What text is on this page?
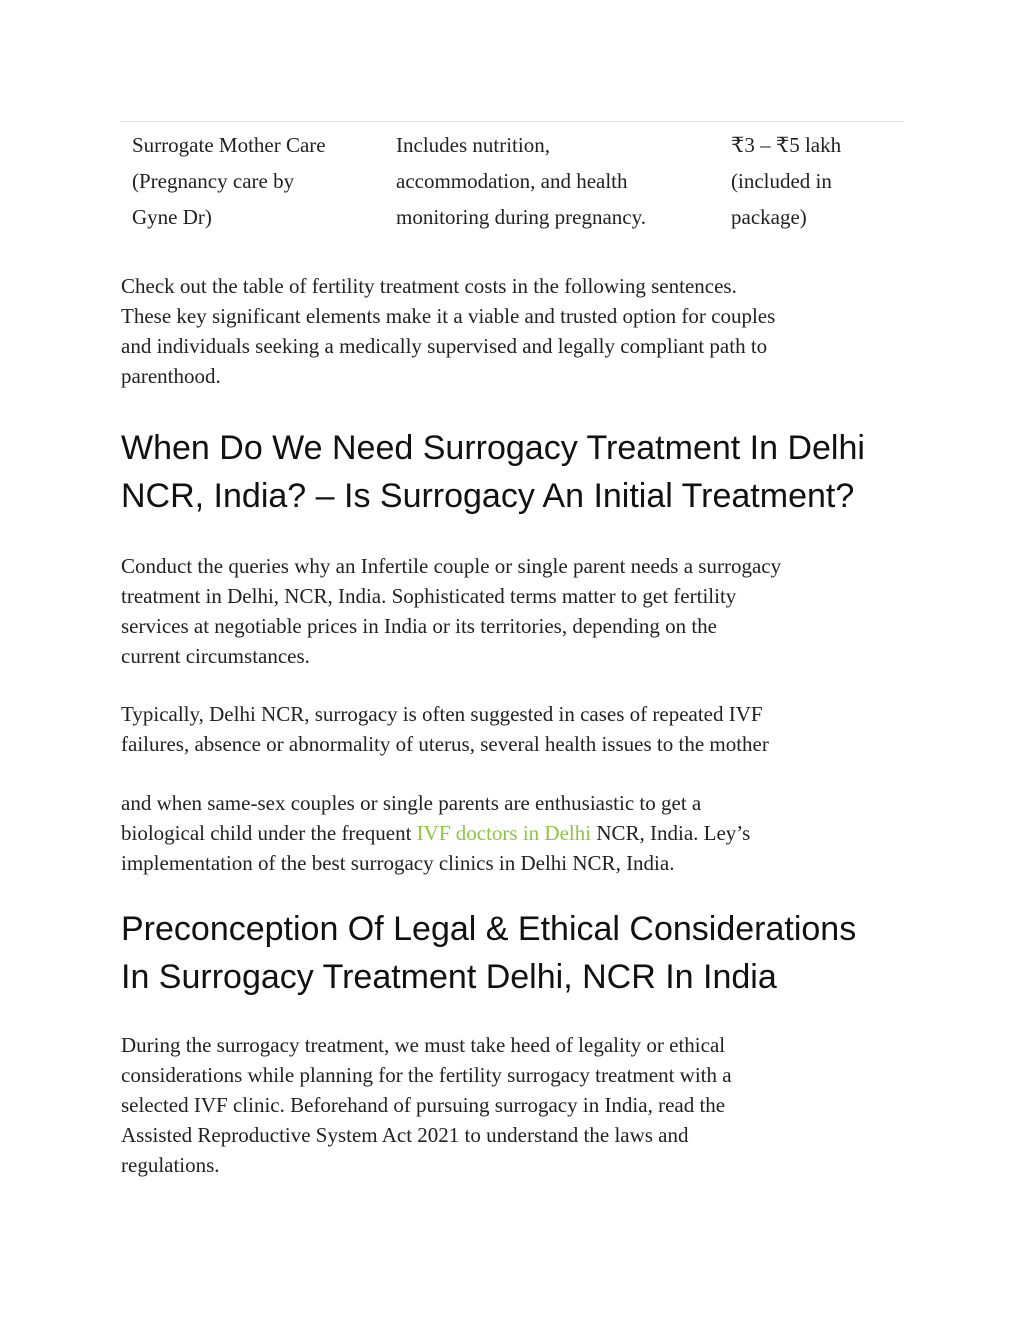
Surrogate Mother Care
(Pregnancy care by
Gyne Dr)
Includes nutrition,
accommodation, and health
monitoring during pregnancy.
₹3 – ₹5 lakh
(included in
package)

Check out the table of fertility treatment costs in the following sentences.
These key significant elements make it a viable and trusted option for couples
and individuals seeking a medically supervised and legally compliant path to
parenthood.

When Do We Need Surrogacy Treatment In Delhi
NCR, India? – Is Surrogacy An Initial Treatment?

Conduct the queries why an Infertile couple or single parent needs a surrogacy
treatment in Delhi, NCR, India. Sophisticated terms matter to get fertility
services at negotiable prices in India or its territories, depending on the
current circumstances.

Typically, Delhi NCR, surrogacy is often suggested in cases of repeated IVF
failures, absence or abnormality of uterus, several health issues to the mother

and when same-sex couples or single parents are enthusiastic to get a
biological child under the frequent IVF doctors in Delhi NCR, India. Ley’s
implementation of the best surrogacy clinics in Delhi NCR, India.

Preconception Of Legal & Ethical Considerations
In Surrogacy Treatment Delhi, NCR In India

During the surrogacy treatment, we must take heed of legality or ethical
considerations while planning for the fertility surrogacy treatment with a
selected IVF clinic. Beforehand of pursuing surrogacy in India, read the
Assisted Reproductive System Act 2021 to understand the laws and
regulations.
